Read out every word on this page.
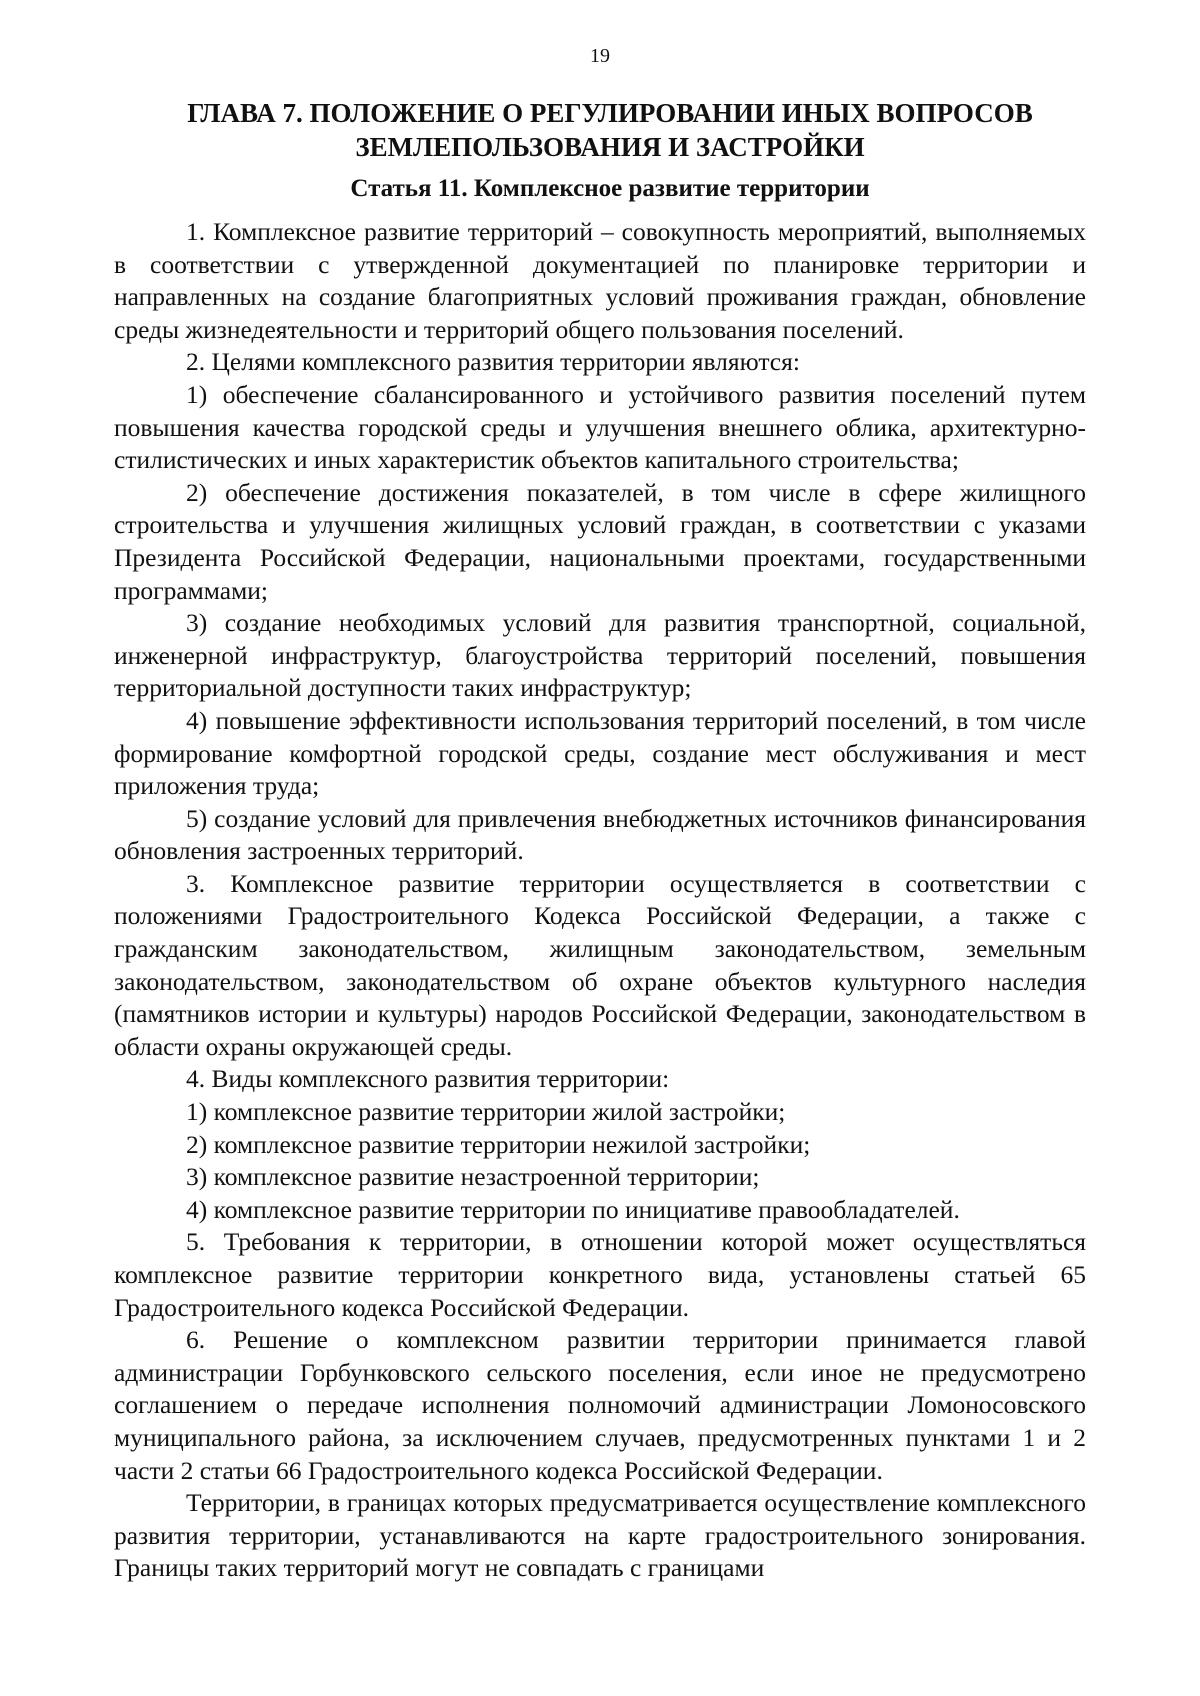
19
ГЛАВА 7. ПОЛОЖЕНИЕ О РЕГУЛИРОВАНИИ ИНЫХ ВОПРОСОВ ЗЕМЛЕПОЛЬЗОВАНИЯ И ЗАСТРОЙКИ
Статья 11. Комплексное развитие территории

1. Комплексное развитие территорий – совокупность мероприятий, выполняемых в соответствии с утвержденной документацией по планировке территории и направленных на создание благоприятных условий проживания граждан, обновление среды жизнедеятельности и территорий общего пользования поселений.

2. Целями комплексного развития территории являются:

1) обеспечение сбалансированного и устойчивого развития поселений путем повышения качества городской среды и улучшения внешнего облика, архитектурно-стилистических и иных характеристик объектов капитального строительства;

2) обеспечение достижения показателей, в том числе в сфере жилищного строительства и улучшения жилищных условий граждан, в соответствии с указами Президента Российской Федерации, национальными проектами, государственными программами;

3) создание необходимых условий для развития транспортной, социальной, инженерной инфраструктур, благоустройства территорий поселений, повышения территориальной доступности таких инфраструктур;

4) повышение эффективности использования территорий поселений, в том числе формирование комфортной городской среды, создание мест обслуживания и мест приложения труда;

5) создание условий для привлечения внебюджетных источников финансирования обновления застроенных территорий.

3. Комплексное развитие территории осуществляется в соответствии с положениями Градостроительного Кодекса Российской Федерации, а также с гражданским законодательством, жилищным законодательством, земельным законодательством, законодательством об охране объектов культурного наследия (памятников истории и культуры) народов Российской Федерации, законодательством в области охраны окружающей среды.

4. Виды комплексного развития территории:

1) комплексное развитие территории жилой застройки;

2) комплексное развитие территории нежилой застройки;

3) комплексное развитие незастроенной территории;

4) комплексное развитие территории по инициативе правообладателей.

5. Требования к территории, в отношении которой может осуществляться комплексное развитие территории конкретного вида, установлены статьей 65 Градостроительного кодекса Российской Федерации.

6. Решение о комплексном развитии территории принимается главой администрации Горбунковского сельского поселения, если иное не предусмотрено соглашением о передаче исполнения полномочий администрации Ломоносовского муниципального района, за исключением случаев, предусмотренных пунктами 1 и 2 части 2 статьи 66 Градостроительного кодекса Российской Федерации.

Территории, в границах которых предусматривается осуществление комплексного развития территории, устанавливаются на карте градостроительного зонирования. Границы таких территорий могут не совпадать с границами
